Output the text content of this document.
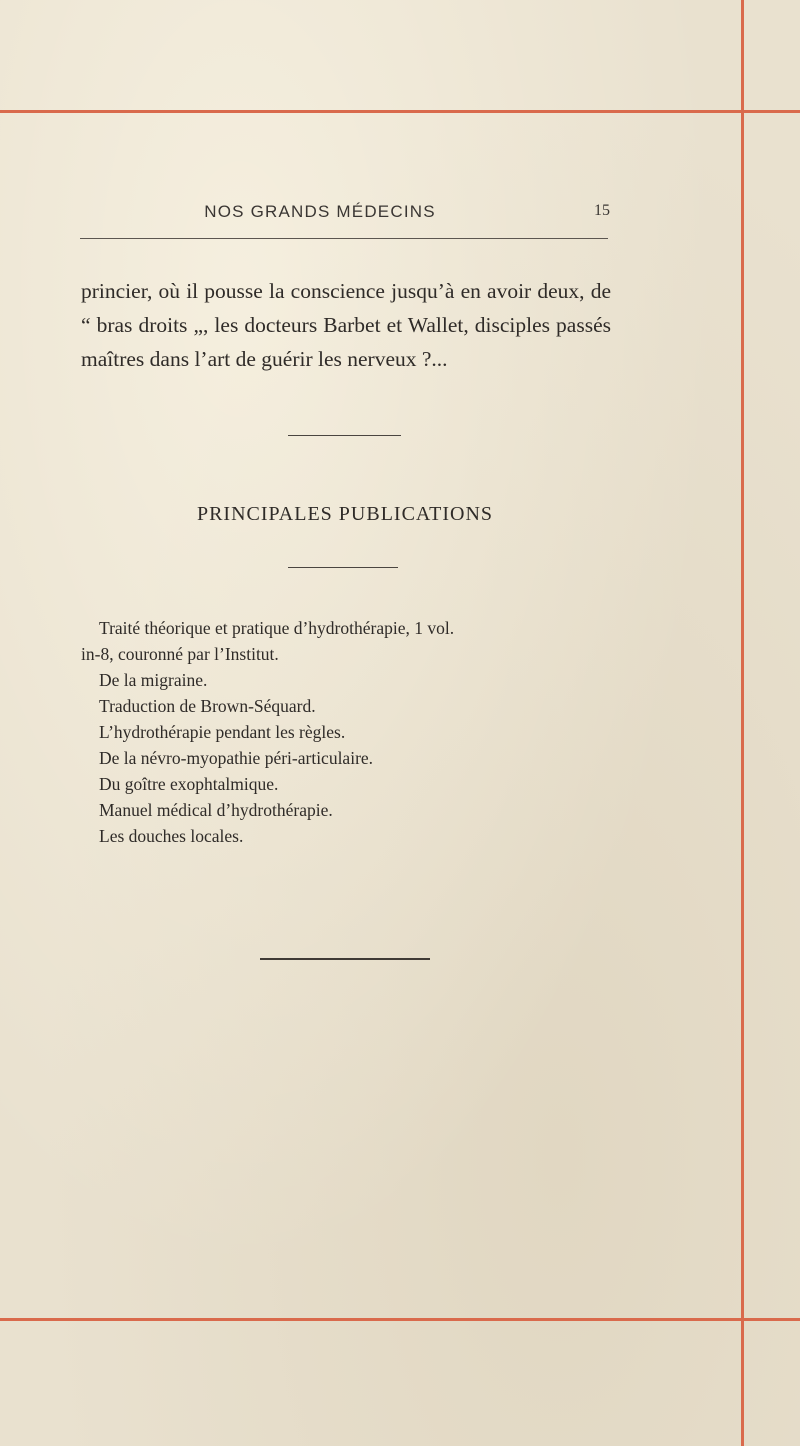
NOS GRANDS MÉDECINS	15
princier, où il pousse la conscience jusqu’à en avoir deux, de “ bras droits „, les docteurs Barbet et Wallet, disciples passés maîtres dans l’art de guérir les nerveux ?...
PRINCIPALES PUBLICATIONS
Traité théorique et pratique d’hydrothérapie, 1 vol.
in-8, couronné par l’Institut.
De la migraine.
Traduction de Brown-Séquard.
L’hydrothérapie pendant les règles.
De la névro-myopathie péri-articulaire.
Du goître exophtalmique.
Manuel médical d’hydrothérapie.
Les douches locales.
